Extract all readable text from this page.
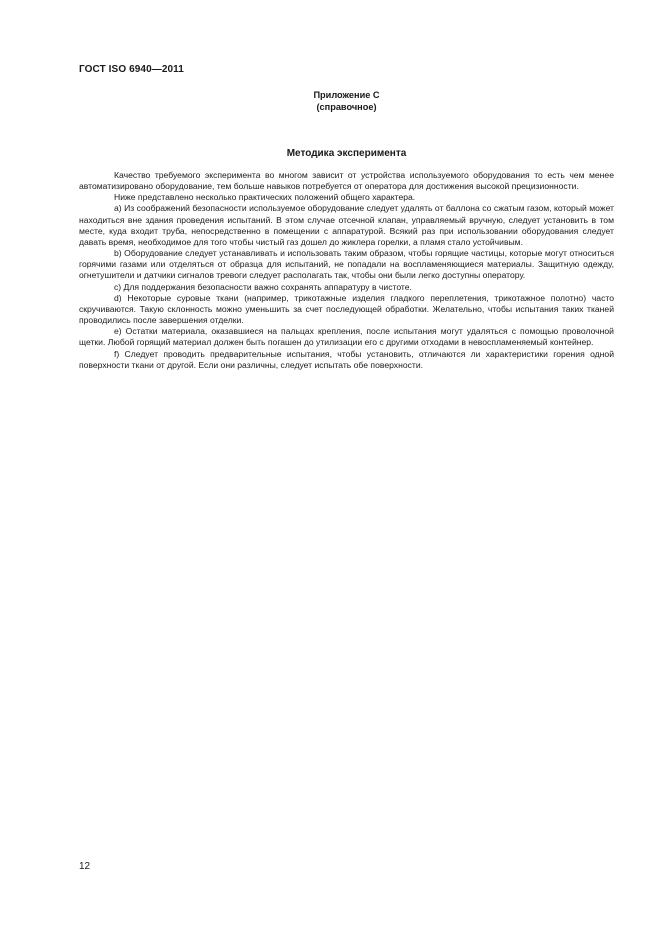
ГОСТ ISO 6940—2011
Приложение С
(справочное)
Методика эксперимента

Качество требуемого эксперимента во многом зависит от устройства используемого оборудования то есть чем менее автоматизировано оборудование, тем больше навыков потребуется от оператора для достижения высокой прецизионности.

Ниже представлено несколько практических положений общего характера.

а) Из соображений безопасности используемое оборудование следует удалять от баллона со сжатым газом, который может находиться вне здания проведения испытаний. В этом случае отсечной клапан, управляемый вручную, следует установить в том месте, куда входит труба, непосредственно в помещении с аппаратурой. Всякий раз при использовании оборудования следует давать время, необходимое для того чтобы чистый газ дошел до жиклера горелки, а пламя стало устойчивым.

b) Оборудование следует устанавливать и использовать таким образом, чтобы горящие частицы, которые могут относиться горячими газами или отделяться от образца для испытаний, не попадали на воспламеняющиеся материалы. Защитную одежду, огнетушители и датчики сигналов тревоги следует располагать так, чтобы они были легко доступны оператору.

c) Для поддержания безопасности важно сохранять аппаратуру в чистоте.

d) Некоторые суровые ткани (например, трикотажные изделия гладкого переплетения, трикотажное полотно) часто скручиваются. Такую склонность можно уменьшить за счет последующей обработки. Желательно, чтобы испытания таких тканей проводились после завершения отделки.

e) Остатки материала, оказавшиеся на пальцах крепления, после испытания могут удаляться с помощью проволочной щетки. Любой горящий материал должен быть погашен до утилизации его с другими отходами в невоспламеняемый контейнер.

f) Следует проводить предварительные испытания, чтобы установить, отличаются ли характеристики горения одной поверхности ткани от другой. Если они различны, следует испытать обе поверхности.

12
